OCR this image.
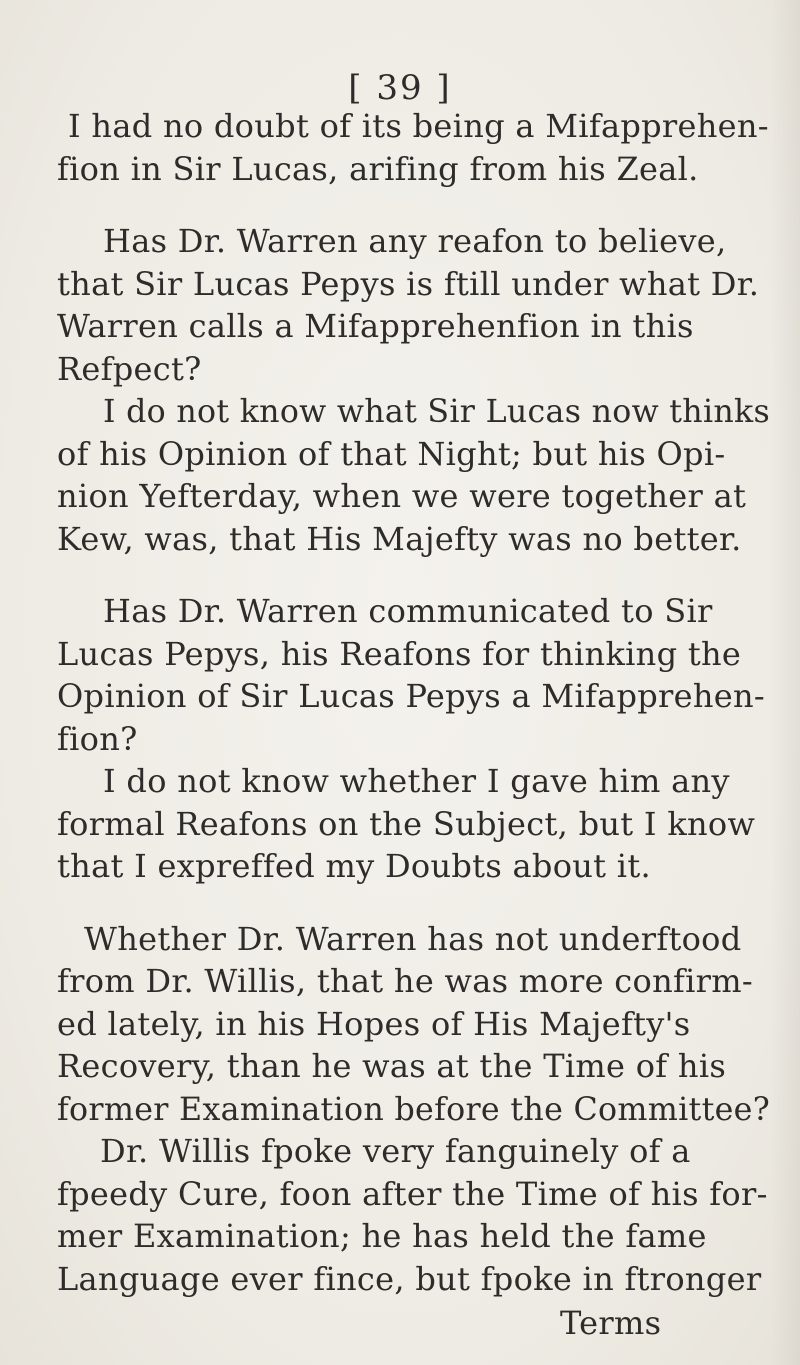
[ 39 ]
I had no doubt of its being a Mifapprehen-
fion in Sir Lucas, arifing from his Zeal.
Has Dr. Warren any reafon to believe,
that Sir Lucas Pepys is ftill under what Dr.
Warren calls a Mifapprehenfion in this
Refpect?
I do not know what Sir Lucas now thinks
of his Opinion of that Night; but his Opi-
nion Yefterday, when we were together at
Kew, was, that His Majefty was no better.
Has Dr. Warren communicated to Sir
Lucas Pepys, his Reafons for thinking the
Opinion of Sir Lucas Pepys a Mifapprehen-
fion?
I do not know whether I gave him any
formal Reafons on the Subject, but I know
that I expreffed my Doubts about it.
Whether Dr. Warren has not underftood
from Dr. Willis, that he was more confirm-
ed lately, in his Hopes of His Majefty's
Recovery, than he was at the Time of his
former Examination before the Committee?
Dr. Willis fpoke very fanguinely of a
fpeedy Cure, foon after the Time of his for-
mer Examination; he has held the fame
Language ever fince, but fpoke in ftronger
Terms
